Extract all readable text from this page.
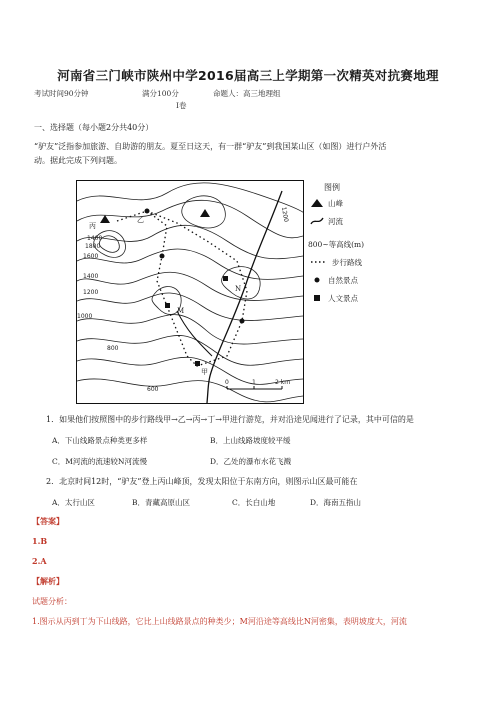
河南省三门峡市陕州中学2016届高三上学期第一次精英对抗赛地理
考试时间90分钟	满分100分	命题人：高三地理组
Ⅰ卷
一、选择题（每小题2分共40分）
“驴友”泛指参加旅游、自助游的朋友。夏至日这天，有一群“驴友”到我国某山区（如图）进行户外活
动。据此完成下列问题。
1400
1800
1600
1400
1200
1000
800
600
1200
丙
乙
甲
M
N
0	1	2 km
图例
山峰
河流
800~等高线(m)
步行路线
自然景点
人文景点
1．如果他们按照图中的步行路线甲→乙→丙→丁→甲进行游览，并对沿途见闻进行了记录，其中可信的是
A．下山线路景点种类更多样	B．上山线路坡度较平缓
C．M河流的流速较N河流慢	D．乙处的瀑布水花飞溅
2．北京时间12时，“驴友”登上丙山峰顶，发现太阳位于东南方向，则图示山区最可能在
A．太行山区	B．青藏高原山区	C．长白山地	D．海南五指山
【答案】
1.B
2.A
【解析】
试题分析：
1.图示从丙到丁为下山线路，它比上山线路景点的种类少；M河沿途等高线比N河密集，表明坡度大，河流
